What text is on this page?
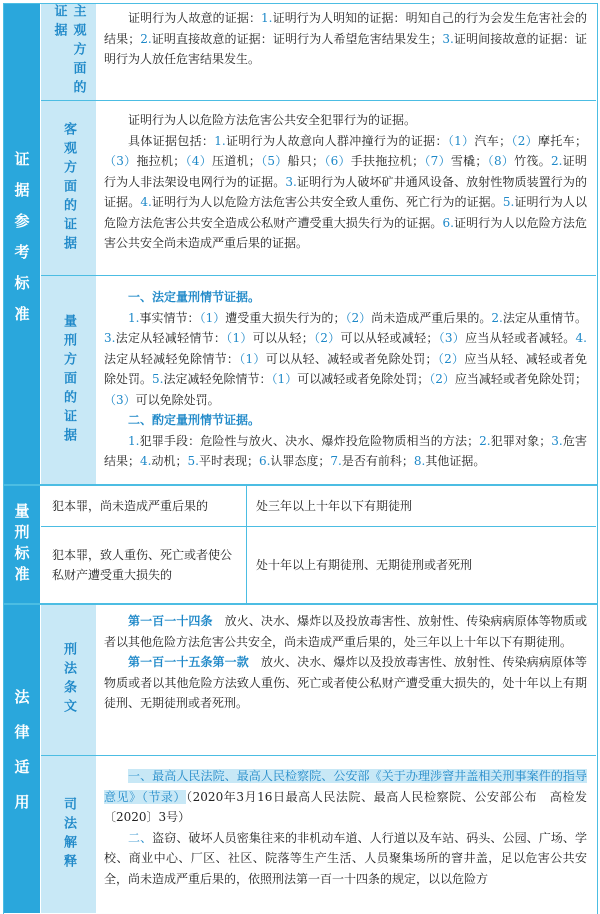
证据参考标准
主观方面的证据	证明行为人故意的证据：1.证明行为人明知的证据：明知自己的行为会发生危害社会的结果；2.证明直接故意的证据：证明行为人希望危害结果发生；3.证明间接故意的证据：证明行为人放任危害结果发生。

客观方面的证据

证明行为人以危险方法危害公共安全犯罪行为的证据。

具体证据包括：1.证明行为人故意向人群冲撞行为的证据：（1）汽车；（2）摩托车；（3）拖拉机；（4）压道机；（5）船只；（6）手扶拖拉机；（7）雪橇；（8）竹筏。2.证明行为人非法架设电网行为的证据。3.证明行为人破坏矿井通风设备、放射性物质装置行为的证据。4.证明行为人以危险方法危害公共安全致人重伤、死亡行为的证据。5.证明行为人以危险方法危害公共安全造成公私财产遭受重大损失行为的证据。6.证明行为人以危险方法危害公共安全尚未造成严重后果的证据。

量刑方面的证据

一、法定量刑情节证据。

1.事实情节：（1）遭受重大损失行为的；（2）尚未造成严重后果的。2.法定从重情节。3.法定从轻减轻情节：（1）可以从轻；（2）可以从轻或减轻；（3）应当从轻或者减轻。4.法定从轻减轻免除情节：（1）可以从轻、减轻或者免除处罚；（2）应当从轻、减轻或者免除处罚。5.法定减轻免除情节：（1）可以减轻或者免除处罚；（2）应当减轻或者免除处罚；（3）可以免除处罚。

二、酌定量刑情节证据。

1.犯罪手段：危险性与放火、决水、爆炸投危险物质相当的方法；2.犯罪对象；3.危害结果；4.动机；5.平时表现；6.认罪态度；7.是否有前科；8.其他证据。

量刑标准 犯本罪，尚未造成严重后果的	处三年以上十年以下有期徒刑
犯本罪，致人重伤、死亡或者使公私财产遭受重大损失的
处十年以上有期徒刑、无期徒刑或者死刑
法律适用
刑法条文

第一百一十四条　 放火、决水、爆炸以及投放毒害性、放射性、传染病病原体等物质或者以其他危险方法危害公共安全，尚未造成严重后果的，处三年以上十年以下有期徒刑。

第一百一十五条第一款　 放火、决水、爆炸以及投放毒害性、放射性、传染病病原体等物质或者以其他危险方法致人重伤、死亡或者使公私财产遭受重大损失的，处十年以上有期徒刑、无期徒刑或者死刑。

司法解释

一、最高人民法院、最高人民检察院、公安部《关于办理涉窨井盖相关刑事案件的指导意见》（节录）（2020年3月16日最高人民法院、最高人民检察院、公安部公布　高检发〔2020〕3号）

二、盗窃、破坏人员密集往来的非机动车道、人行道以及车站、码头、公园、广场、学校、商业中心、厂区、社区、院落等生产生活、人员聚集场所的窨井盖，足以危害公共安全，尚未造成严重后果的，依照刑法第一百一十四条的规定，以以危险方
